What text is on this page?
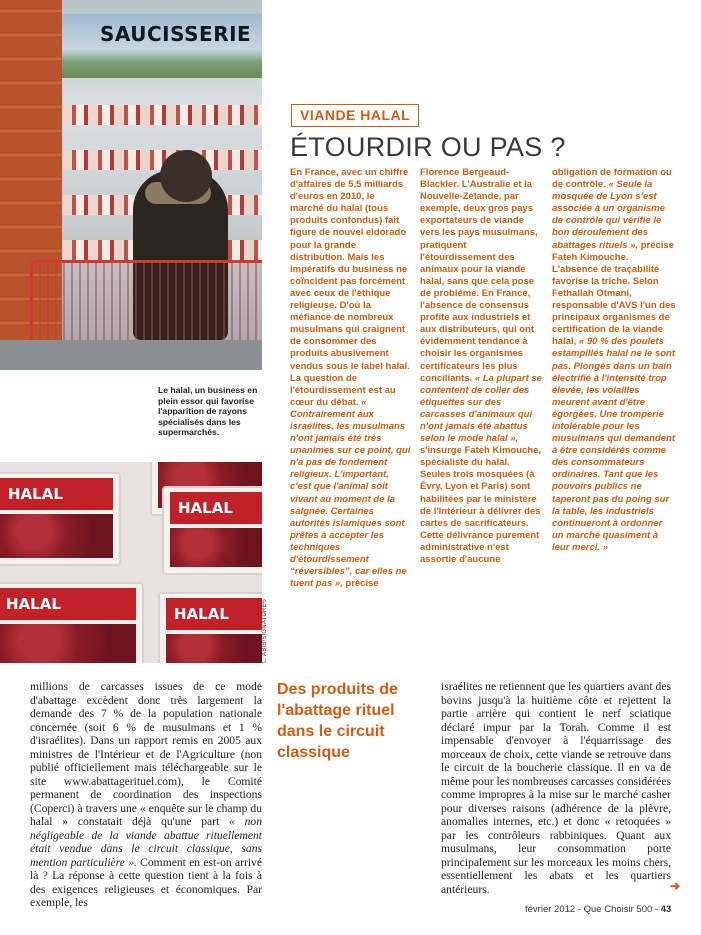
SAUCISSERIE
Le halal, un business en plein essor qui favorise l'apparition de rayons spécialisés dans les supermarchés.
HALAL
HALAL
HALAL
HALAL	L. ABIB/SIGNATURES
VIANDE HALAL
ÉTOURDIR OU PAS ?
En France, avec un chiffre d'affaires de 5,5 milliards d'euros en 2010, le marché du halal (tous produits confondus) fait figure de nouvel eldorado pour la grande distribution. Mais les impératifs du business ne coïncident pas forcément avec ceux de l'éthique religieuse. D'où la méfiance de nombreux musulmans qui craignent de consommer des produits abusivement vendus sous le label halal. La question de l'étourdissement est au cœur du débat. « Contrairement aux israélites, les musulmans n'ont jamais été très unanimes sur ce point, qui n'a pas de fondement religieux. L'important, c'est que l'animal soit vivant au moment de la saignée. Certaines autorités islamiques sont prêtes à accepter les techniques d'étourdissement “réversibles”, car elles ne tuent pas », précise
Florence Bergeaud-Blackler. L'Australie et la Nouvelle-Zélande, par exemple, deux gros pays exportateurs de viande vers les pays musulmans, pratiquent l'étourdissement des animaux pour la viande halal, sans que cela pose de problème. En France, l'absence de consensus profite aux industriels et aux distributeurs, qui ont évidemment tendance à choisir les organismes certificateurs les plus conciliants. « La plupart se contentent de coller des étiquettes sur des carcasses d'animaux qui n'ont jamais été abattus selon le mode halal », s'insurge Fateh Kimouche, spécialiste du halal. Seules trois mosquées (à Évry, Lyon et Paris) sont habilitées par le ministère de l'Intérieur à délivrer des cartes de sacrificateurs. Cette délivrance purement administrative n'est assortie d'aucune
obligation de formation ou de contrôle. « Seule la mosquée de Lyon s'est associée à un organisme de contrôle qui vérifie le bon déroulement des abattages rituels », précise Fateh Kimouche. L'absence de traçabilité favorise la triche. Selon Fethallah Otmani, responsable d'AVS l'un des principaux organismes de certification de la viande halal, « 90 % des poulets estampillés halal ne le sont pas. Plongés dans un bain électrifié à l'intensité trop élevée, les volailles meurent avant d'être égorgées. Une tromperie intolérable pour les musulmans qui demandent à être considérés comme des consommateurs ordinaires. Tant que les pouvoirs publics ne taperont pas du poing sur la table, les industriels continueront à ordonner un marché quasiment à leur merci. »
millions de carcasses issues de ce mode d'abattage excèdent donc très largement la demande des 7 % de la population nationale concernée (soit 6 % de musulmans et 1 % d'israélites). Dans un rapport remis en 2005 aux ministres de l'Intérieur et de l'Agriculture (non publié officiellement mais téléchargeable sur le site www.abattagerituel.com), le Comité permanent de coordination des inspections (Coperci) à travers une « enquête sur le champ du halal » constatait déjà qu'une part « non négligeable de la viande abattue rituellement était vendue dans le circuit classique, sans mention particulière ». Comment en est-on arrivé là ? La réponse à cette question tient à la fois à des exigences religieuses et économiques. Par exemple, les
Des produits de l'abattage rituel dans le circuit classique
israélites ne retiennent que les quartiers avant des bovins jusqu'à la huitième côte et rejettent la partie arrière qui contient le nerf sciatique déclaré impur par la Torah. Comme il est impensable d'envoyer à l'équarrissage des morceaux de choix, cette viande se retrouve dans le circuit de la boucherie classique. Il en va de même pour les nombreuses carcasses considérées comme impropres à la mise sur le marché casher pour diverses raisons (adhérence de la plèvre, anomalies internes, etc.) et donc « retoquées » par les contrôleurs rabbiniques. Quant aux musulmans, leur consommation porte principalement sur les morceaux les moins chers, essentiellement les abats et les quartiers antérieurs.	➔
février 2012 - Que Choisir 500 - 43
